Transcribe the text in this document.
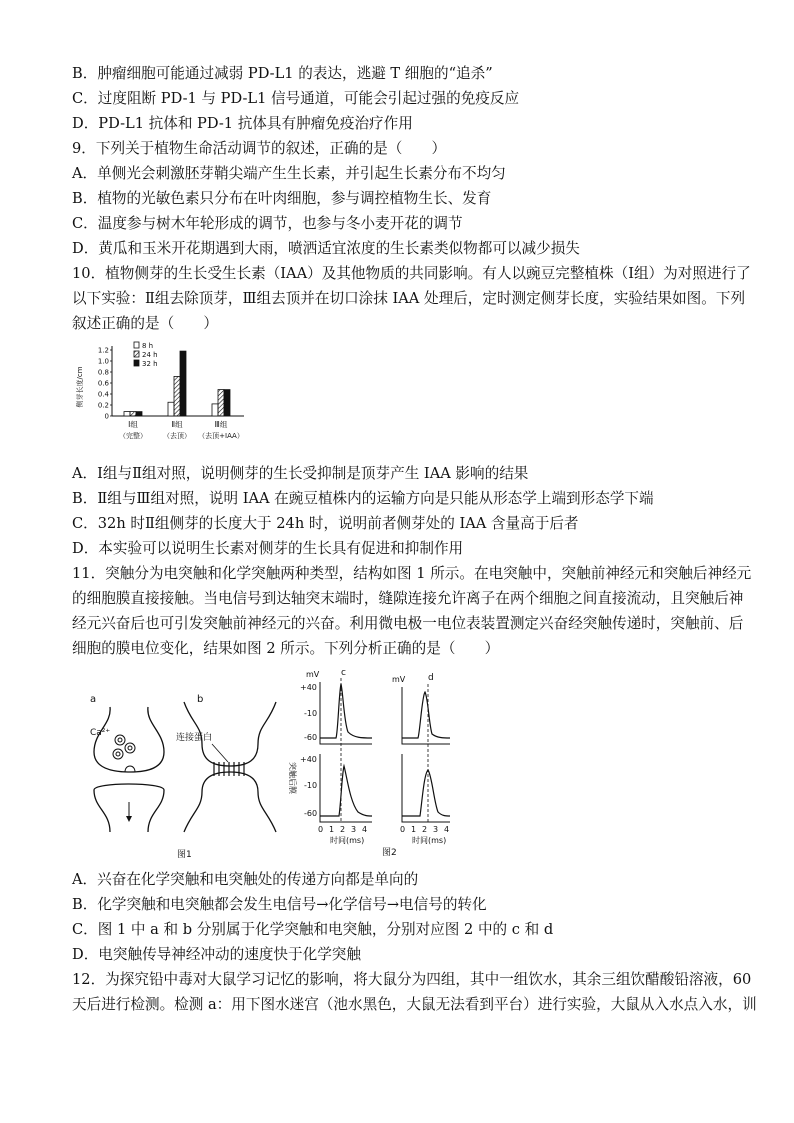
B．肿瘤细胞可能通过减弱 PD-L1 的表达，逃避 T 细胞的“追杀”
C．过度阻断 PD-1 与 PD-L1 信号通道，可能会引起过强的免疫反应
D．PD-L1 抗体和 PD-1 抗体具有肿瘤免疫治疗作用
9．下列关于植物生命活动调节的叙述，正确的是（　　）
A．单侧光会刺激胚芽鞘尖端产生生长素，并引起生长素分布不均匀
B．植物的光敏色素只分布在叶肉细胞，参与调控植物生长、发育
C．温度参与树木年轮形成的调节，也参与冬小麦开花的调节
D．黄瓜和玉米开花期遇到大雨，喷洒适宜浓度的生长素类似物都可以减少损失
10．植物侧芽的生长受生长素（IAA）及其他物质的共同影响。有人以豌豆完整植株（Ⅰ组）为对照进行了
以下实验：Ⅱ组去除顶芽，Ⅲ组去顶并在切口涂抹 IAA 处理后，定时测定侧芽长度，实验结果如图。下列
叙述正确的是（　　）
侧芽长度/cm
0
0.2
0.4
0.6
0.8
1.0
1.2
8 h
24 h
32 h
Ⅰ组
（完整）
Ⅱ组
（去顶）
Ⅲ组
（去顶+IAA）
A．Ⅰ组与Ⅱ组对照，说明侧芽的生长受抑制是顶芽产生 IAA 影响的结果
B．Ⅱ组与Ⅲ组对照，说明 IAA 在豌豆植株内的运输方向是只能从形态学上端到形态学下端
C．32h 时Ⅱ组侧芽的长度大于 24h 时，说明前者侧芽处的 IAA 含量高于后者
D．本实验可以说明生长素对侧芽的生长具有促进和抑制作用
11．突触分为电突触和化学突触两种类型，结构如图 1 所示。在电突触中，突触前神经元和突触后神经元
的细胞膜直接接触。当电信号到达轴突末端时，缝隙连接允许离子在两个细胞之间直接流动，且突触后神
经元兴奋后也可引发突触前神经元的兴奋。利用微电极一电位表装置测定兴奋经突触传递时，突触前、后
细胞的膜电位变化，结果如图 2 所示。下列分析正确的是（　　）
a	b
Ca²⁺	连接蛋白
图1
突触后膜
mV
mV
c	d
+40
-10
-60
+40
-10
-60
0 1 2 3 4	0 1 2 3 4
时间(ms)	时间(ms)
图2
A．兴奋在化学突触和电突触处的传递方向都是单向的
B．化学突触和电突触都会发生电信号→化学信号→电信号的转化
C．图 1 中 a 和 b 分别属于化学突触和电突触，分别对应图 2 中的 c 和 d
D．电突触传导神经冲动的速度快于化学突触
12．为探究铅中毒对大鼠学习记忆的影响，将大鼠分为四组，其中一组饮水，其余三组饮醋酸铅溶液，60
天后进行检测。检测 a：用下图水迷宫（池水黑色，大鼠无法看到平台）进行实验，大鼠从入水点入水，训
